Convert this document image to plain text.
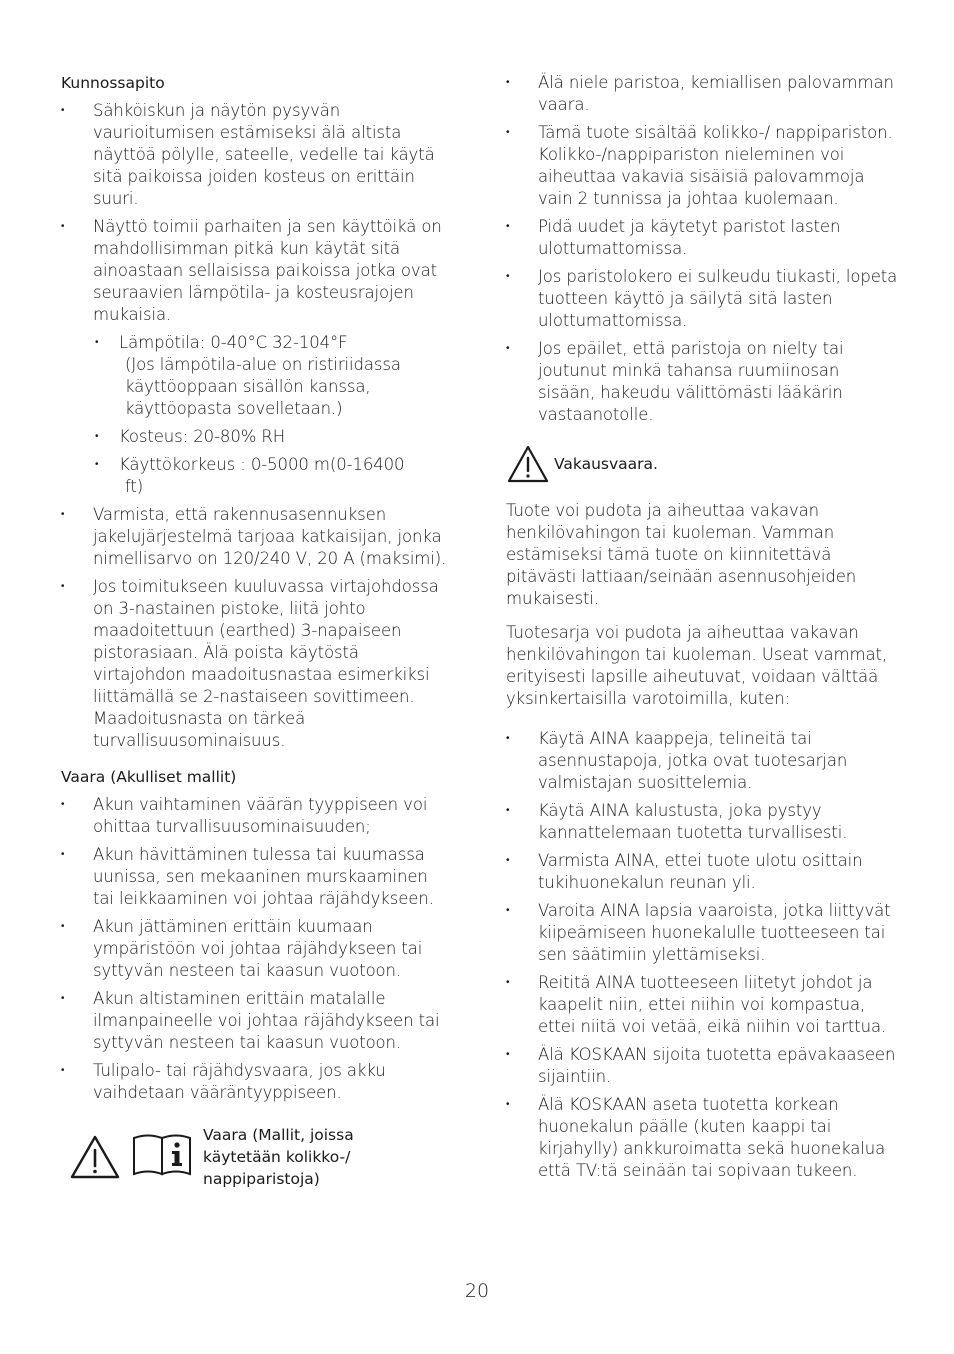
Kunnossapito
• Sähköiskun ja näytön pysyvän vaurioitumisen estämiseksi älä altista näyttöä pölylle, sateelle, vedelle tai käytä sitä paikoissa joiden kosteus on erittäin suuri.
• Näyttö toimii parhaiten ja sen käyttöikä on mahdollisimman pitkä kun käytät sitä ainoastaan sellaisissa paikoissa jotka ovat seuraavien lämpötila- ja kosteusrajojen mukaisia.
• Lämpötila: 0-40°C 32-104°F
(Jos lämpötila-alue on ristiriidassa käyttöoppaan sisällön kanssa, käyttöopasta sovelletaan.)
• Kosteus: 20-80% RH
• Käyttökorkeus : 0-5000 m(0-16400
ft)
• Varmista, että rakennusasennuksen jakelujärjestelmä tarjoaa katkaisijan, jonka nimellisarvo on 120/240 V, 20 A (maksimi).
• Jos toimitukseen kuuluvassa virtajohdossa on 3-nastainen pistoke, liitä johto maadoitettuun (earthed) 3-napaiseen pistorasiaan. Älä poista käytöstä virtajohdon maadoitusnastaa esimerkiksi liittämällä se 2-nastaiseen sovittimeen. Maadoitusnasta on tärkeä turvallisuusominaisuus.
Vaara (Akulliset mallit)
• Akun vaihtaminen väärän tyyppiseen voi ohittaa turvallisuusominaisuuden;
• Akun hävittäminen tulessa tai kuumassa uunissa, sen mekaaninen murskaaminen tai leikkaaminen voi johtaa räjähdykseen.
• Akun jättäminen erittäin kuumaan ympäristöön voi johtaa räjähdykseen tai syttyvän nesteen tai kaasun vuotoon.
• Akun altistaminen erittäin matalalle ilmanpaineelle voi johtaa räjähdykseen tai syttyvän nesteen tai kaasun vuotoon.
• Tulipalo- tai räjähdysvaara, jos akku vaihdetaan vääräntyyppiseen.
Vaara (Mallit, joissa käytetään kolikko-/ nappiparistoja)
• Älä niele paristoa, kemiallisen palovamman vaara.
• Tämä tuote sisältää kolikko-/ nappipariston. Kolikko-/nappipariston nieleminen voi aiheuttaa vakavia sisäisiä palovammoja vain 2 tunnissa ja johtaa kuolemaan.
• Pidä uudet ja käytetyt paristot lasten ulottumattomissa.
• Jos paristolokero ei sulkeudu tiukasti, lopeta tuotteen käyttö ja säilytä sitä lasten ulottumattomissa.
• Jos epäilet, että paristoja on nielty tai joutunut minkä tahansa ruumiinosan sisään, hakeudu välittömästi lääkärin vastaanotolle.
Vakausvaara.

Tuote voi pudota ja aiheuttaa vakavan henkilövahingon tai kuoleman. Vamman estämiseksi tämä tuote on kiinnitettävä pitävästi lattiaan/seinään asennusohjeiden mukaisesti.

Tuotesarja voi pudota ja aiheuttaa vakavan henkilövahingon tai kuoleman. Useat vammat, erityisesti lapsille aiheutuvat, voidaan välttää yksinkertaisilla varotoimilla, kuten:

• Käytä AINA kaappeja, telineitä tai asennustapoja, jotka ovat tuotesarjan valmistajan suosittelemia.
• Käytä AINA kalustusta, joka pystyy kannattelemaan tuotetta turvallisesti.
• Varmista AINA, ettei tuote ulotu osittain tukihuonekalun reunan yli.
• Varoita AINA lapsia vaaroista, jotka liittyvät kiipeämiseen huonekalulle tuotteeseen tai sen säätimiin ylettämiseksi.
• Reititä AINA tuotteeseen liitetyt johdot ja kaapelit niin, ettei niihin voi kompastua, ettei niitä voi vetää, eikä niihin voi tarttua.
• Älä KOSKAAN sijoita tuotetta epävakaaseen sijaintiin.
• Älä KOSKAAN aseta tuotetta korkean huonekalun päälle (kuten kaappi tai kirjahylly) ankkuroimatta sekä huonekalua että TV:tä seinään tai sopivaan tukeen.
20
